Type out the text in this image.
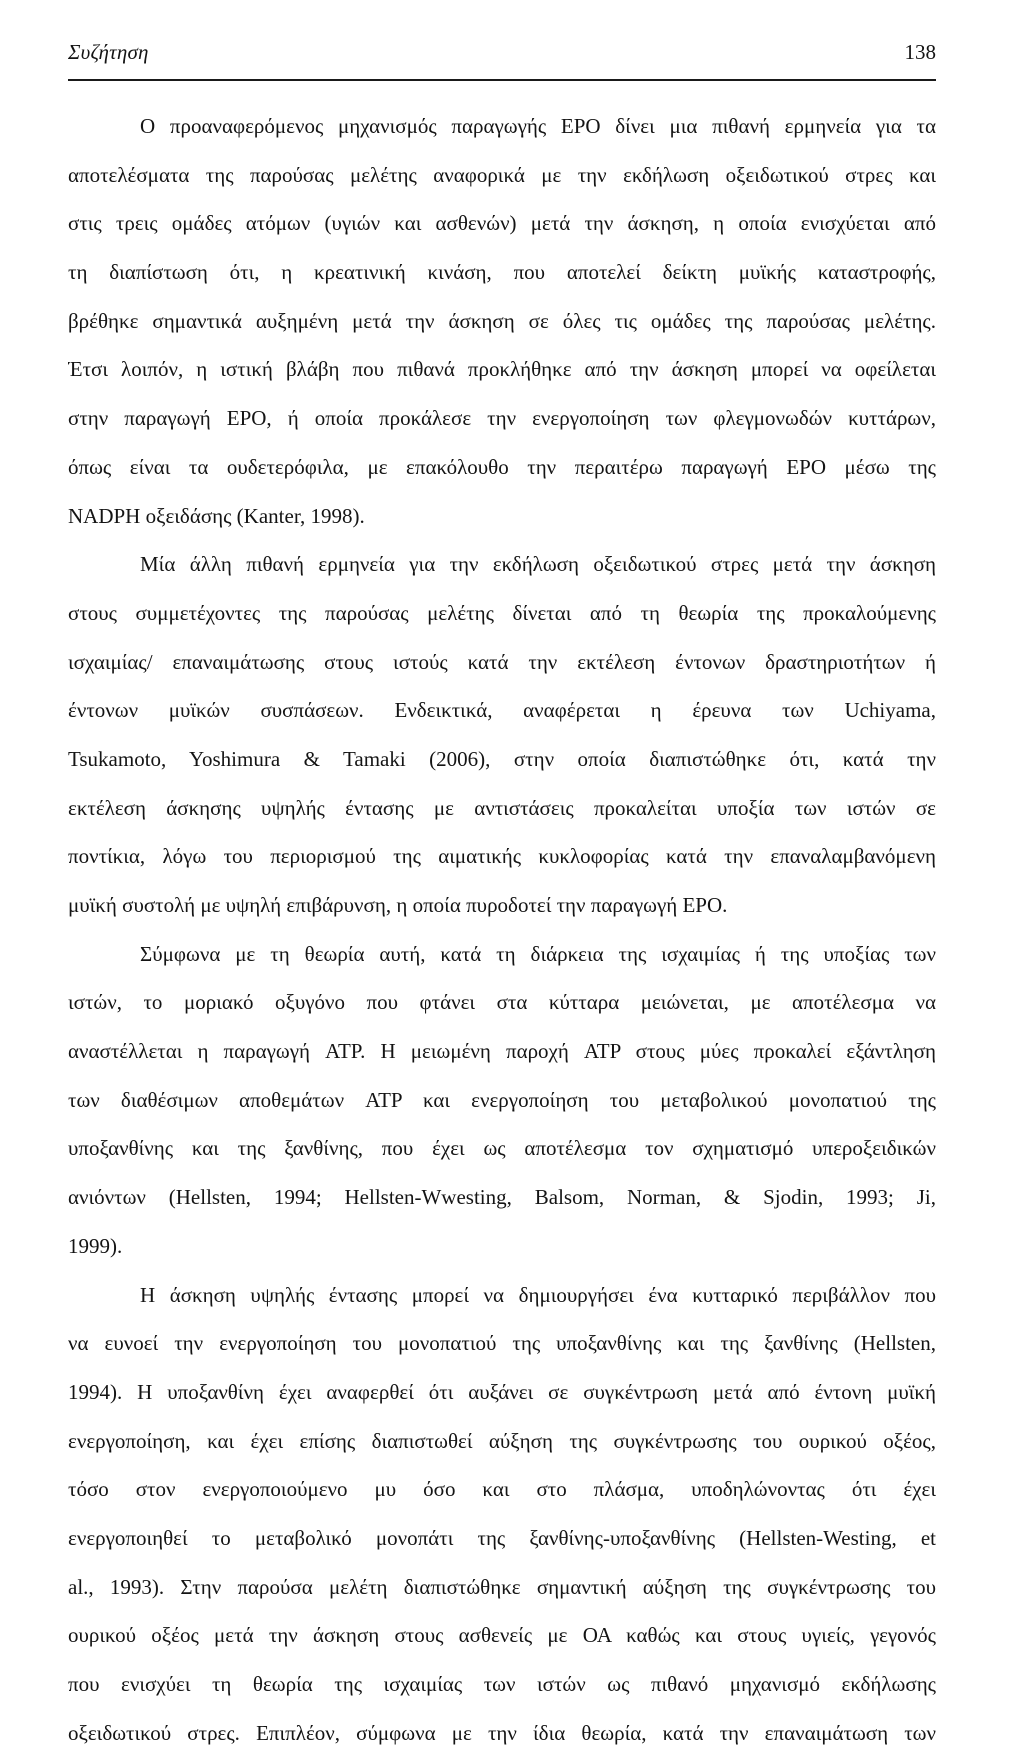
Συζήτηση	138
Ο προαναφερόμενος μηχανισμός παραγωγής EPO δίνει μια πιθανή ερμηνεία για τα
αποτελέσματα της παρούσας μελέτης αναφορικά με την εκδήλωση οξειδωτικού στρες και
στις τρεις ομάδες ατόμων (υγιών και ασθενών) μετά την άσκηση, η οποία ενισχύεται από
τη διαπίστωση ότι, η κρεατινική κινάση, που αποτελεί δείκτη μυϊκής καταστροφής,
βρέθηκε σημαντικά αυξημένη μετά την άσκηση σε όλες τις ομάδες της παρούσας μελέτης.
Έτσι λοιπόν, η ιστική βλάβη που πιθανά προκλήθηκε από την άσκηση μπορεί να οφείλεται
στην παραγωγή EPO, ή οποία προκάλεσε την ενεργοποίηση των φλεγμονωδών κυττάρων,
όπως είναι τα ουδετερόφιλα, με επακόλουθο την περαιτέρω παραγωγή EPO μέσω της
NADPH οξειδάσης (Kanter, 1998).
Μία άλλη πιθανή ερμηνεία για την εκδήλωση οξειδωτικού στρες μετά την άσκηση
στους συμμετέχοντες της παρούσας μελέτης δίνεται από τη θεωρία της προκαλούμενης
ισχαιμίας/ επαναιμάτωσης στους ιστούς κατά την εκτέλεση έντονων δραστηριοτήτων ή
έντονων μυϊκών συσπάσεων. Ενδεικτικά, αναφέρεται η έρευνα των Uchiyama,
Tsukamoto, Yoshimura & Tamaki (2006), στην οποία διαπιστώθηκε ότι, κατά την
εκτέλεση άσκησης υψηλής έντασης με αντιστάσεις προκαλείται υποξία των ιστών σε
ποντίκια, λόγω του περιορισμού της αιματικής κυκλοφορίας κατά την επαναλαμβανόμενη
μυϊκή συστολή με υψηλή επιβάρυνση, η οποία πυροδοτεί την παραγωγή EPO.
Σύμφωνα με τη θεωρία αυτή, κατά τη διάρκεια της ισχαιμίας ή της υποξίας των
ιστών, το μοριακό οξυγόνο που φτάνει στα κύτταρα μειώνεται, με αποτέλεσμα να
αναστέλλεται η παραγωγή ATP. Η μειωμένη παροχή ATP στους μύες προκαλεί εξάντληση
των διαθέσιμων αποθεμάτων ATP και ενεργοποίηση του μεταβολικού μονοπατιού της
υποξανθίνης και της ξανθίνης, που έχει ως αποτέλεσμα τον σχηματισμό υπεροξειδικών
ανιόντων (Hellsten, 1994; Hellsten-Wwesting, Balsom, Norman, & Sjodin, 1993; Ji,
1999).
Η άσκηση υψηλής έντασης μπορεί να δημιουργήσει ένα κυτταρικό περιβάλλον που
να ευνοεί την ενεργοποίηση του μονοπατιού της υποξανθίνης και της ξανθίνης (Hellsten,
1994). Η υποξανθίνη έχει αναφερθεί ότι αυξάνει σε συγκέντρωση μετά από έντονη μυϊκή
ενεργοποίηση, και έχει επίσης διαπιστωθεί αύξηση της συγκέντρωσης του ουρικού οξέος,
τόσο στον ενεργοποιούμενο μυ όσο και στο πλάσμα, υποδηλώνοντας ότι έχει
ενεργοποιηθεί το μεταβολικό μονοπάτι της ξανθίνης-υποξανθίνης (Hellsten-Westing, et
al., 1993). Στην παρούσα μελέτη διαπιστώθηκε σημαντική αύξηση της συγκέντρωσης του
ουρικού οξέος μετά την άσκηση στους ασθενείς με ΟΑ καθώς και στους υγιείς, γεγονός
που ενισχύει τη θεωρία της ισχαιμίας των ιστών ως πιθανό μηχανισμό εκδήλωσης
οξειδωτικού στρες. Επιπλέον, σύμφωνα με την ίδια θεωρία, κατά την επαναιμάτωση των
